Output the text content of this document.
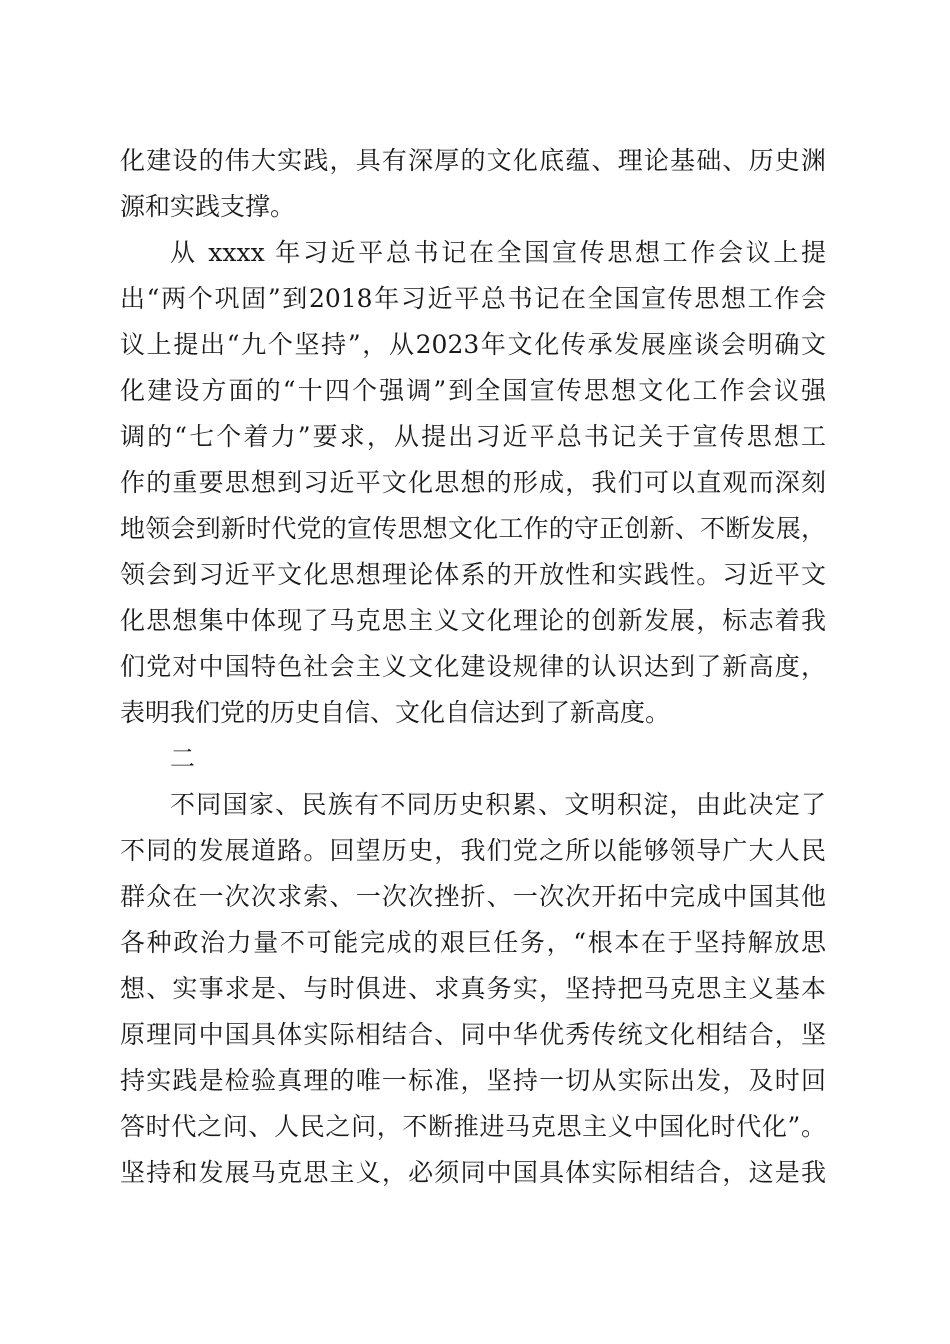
化建设的伟大实践，具有深厚的文化底蕴、理论基础、历史渊
源和实践支撑。
从 xxxx 年习近平总书记在全国宣传思想工作会议上提
出“两个巩固”到2018年习近平总书记在全国宣传思想工作会
议上提出“九个坚持”，从2023年文化传承发展座谈会明确文
化建设方面的“十四个强调”到全国宣传思想文化工作会议强
调的“七个着力”要求，从提出习近平总书记关于宣传思想工
作的重要思想到习近平文化思想的形成，我们可以直观而深刻
地领会到新时代党的宣传思想文化工作的守正创新、不断发展，
领会到习近平文化思想理论体系的开放性和实践性。习近平文
化思想集中体现了马克思主义文化理论的创新发展，标志着我
们党对中国特色社会主义文化建设规律的认识达到了新高度，
表明我们党的历史自信、文化自信达到了新高度。
二
不同国家、民族有不同历史积累、文明积淀，由此决定了
不同的发展道路。回望历史，我们党之所以能够领导广大人民
群众在一次次求索、一次次挫折、一次次开拓中完成中国其他
各种政治力量不可能完成的艰巨任务，“根本在于坚持解放思
想、实事求是、与时俱进、求真务实，坚持把马克思主义基本
原理同中国具体实际相结合、同中华优秀传统文化相结合，坚
持实践是检验真理的唯一标准，坚持一切从实际出发，及时回
答时代之问、人民之问，不断推进马克思主义中国化时代化”。
坚持和发展马克思主义，必须同中国具体实际相结合，这是我
